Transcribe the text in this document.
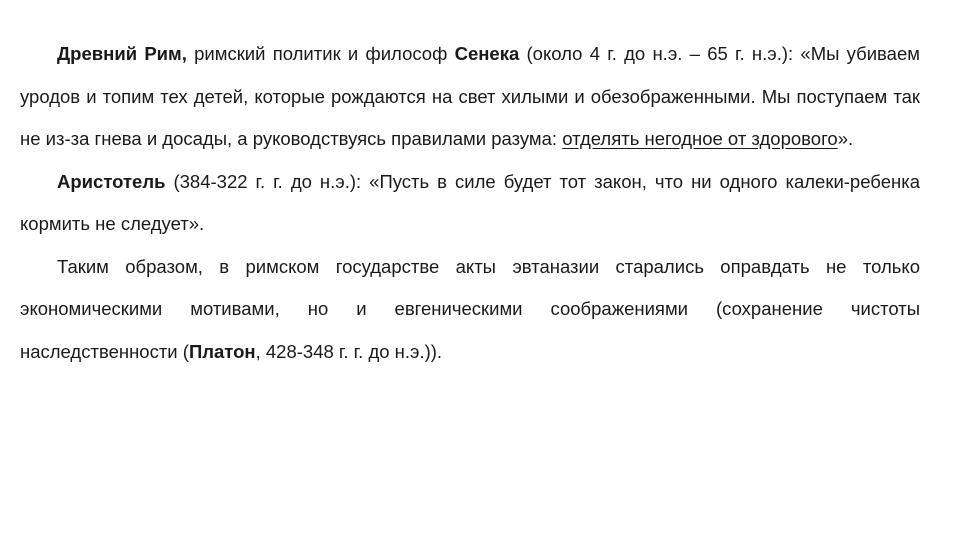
Древний Рим, римский политик и философ Сенека (около 4 г. до н.э. – 65 г. н.э.): «Мы убиваем уродов и топим тех детей, которые рождаются на свет хилыми и обезображенными. Мы поступаем так не из-за гнева и досады, а руководствуясь правилами разума: отделять негодное от здорового».

Аристотель (384-322 г. г. до н.э.): «Пусть в силе будет тот закон, что ни одного калеки-ребенка кормить не следует».

Таким образом, в римском государстве акты эвтаназии старались оправдать не только экономическими мотивами, но и евгеническими соображениями (сохранение чистоты наследственности (Платон, 428-348 г. г. до н.э.)).
